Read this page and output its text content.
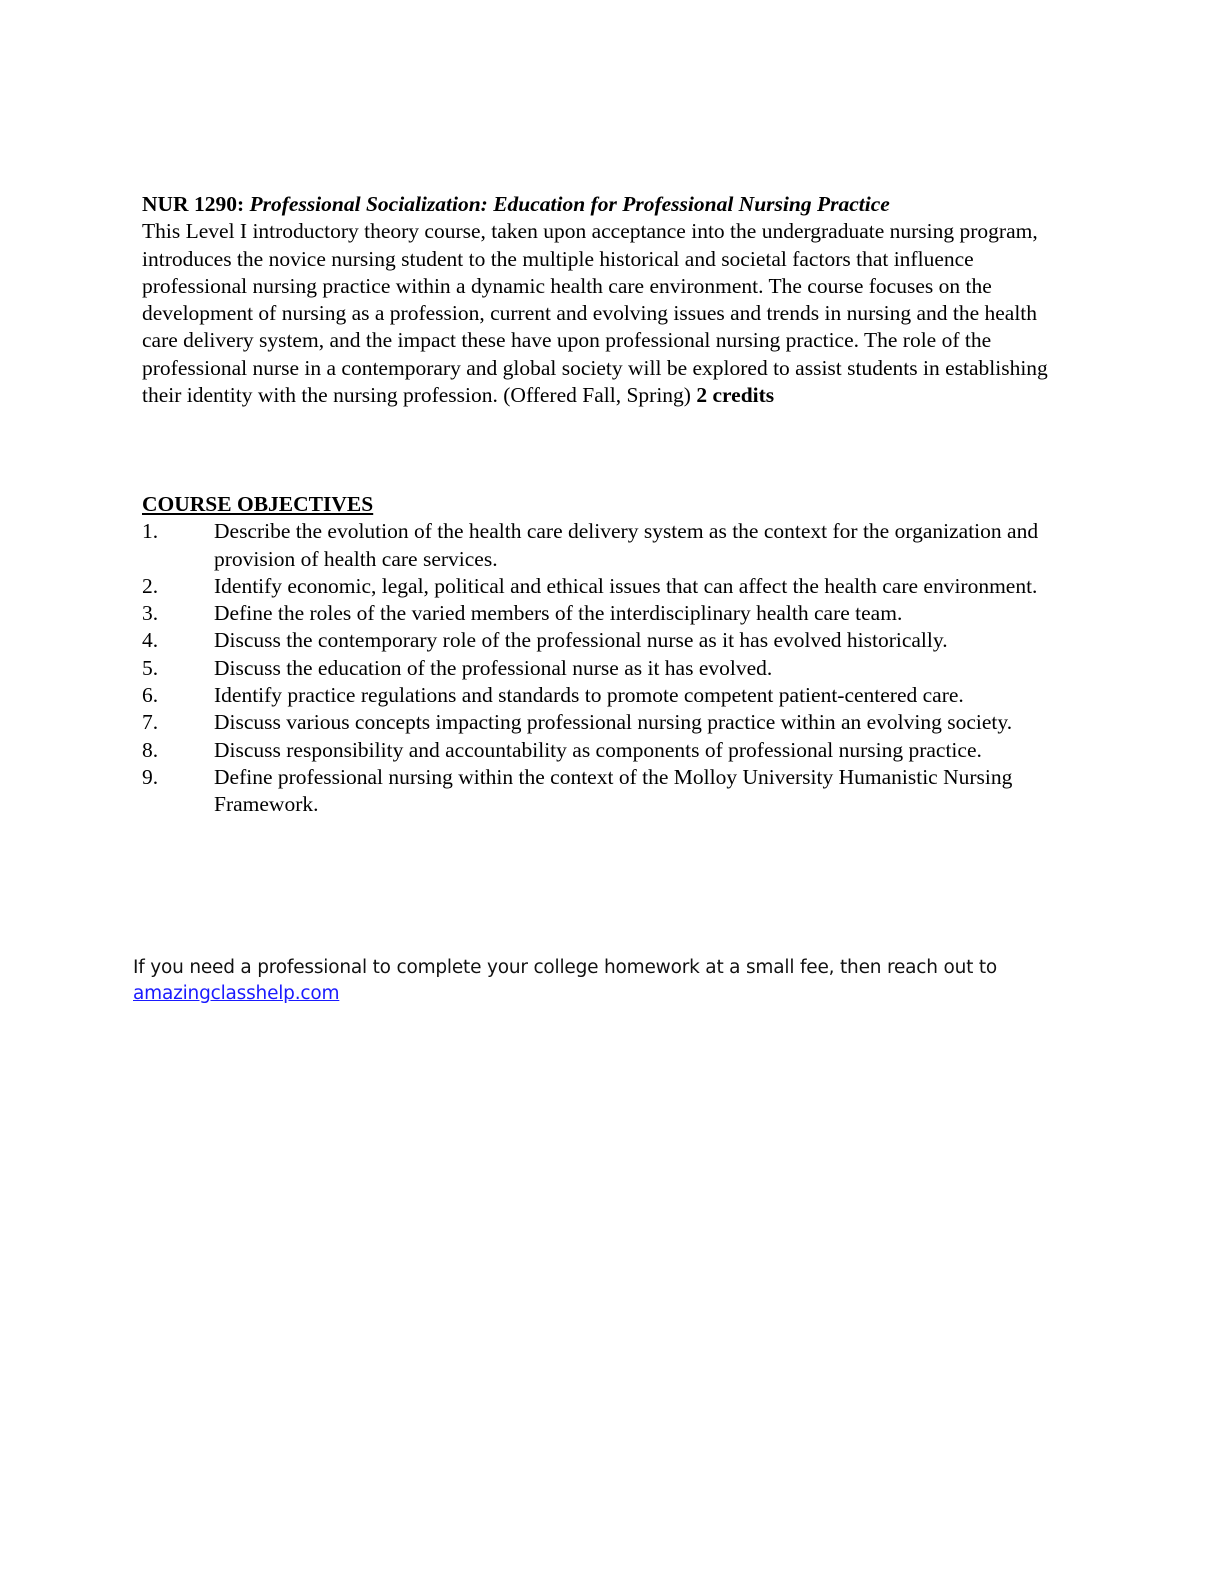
NUR 1290: Professional Socialization: Education for Professional Nursing Practice
This Level I introductory theory course, taken upon acceptance into the undergraduate nursing program, introduces the novice nursing student to the multiple historical and societal factors that influence professional nursing practice within a dynamic health care environment. The course focuses on the development of nursing as a profession, current and evolving issues and trends in nursing and the health care delivery system, and the impact these have upon professional nursing practice. The role of the professional nurse in a contemporary and global society will be explored to assist students in establishing their identity with the nursing profession. (Offered Fall, Spring) 2 credits
COURSE OBJECTIVES
1.	Describe the evolution of the health care delivery system as the context for the organization and provision of health care services.
2.	Identify economic, legal, political and ethical issues that can affect the health care environment.
3.	Define the roles of the varied members of the interdisciplinary health care team.
4.	Discuss the contemporary role of the professional nurse as it has evolved historically.
5.	Discuss the education of the professional nurse as it has evolved.
6.	Identify practice regulations and standards to promote competent patient-centered care.
7.	Discuss various concepts impacting professional nursing practice within an evolving society.
8.	Discuss responsibility and accountability as components of professional nursing practice.
9.	Define professional nursing within the context of the Molloy University Humanistic Nursing Framework.
If you need a professional to complete your college homework at a small fee, then reach out to
amazingclasshelp.com
